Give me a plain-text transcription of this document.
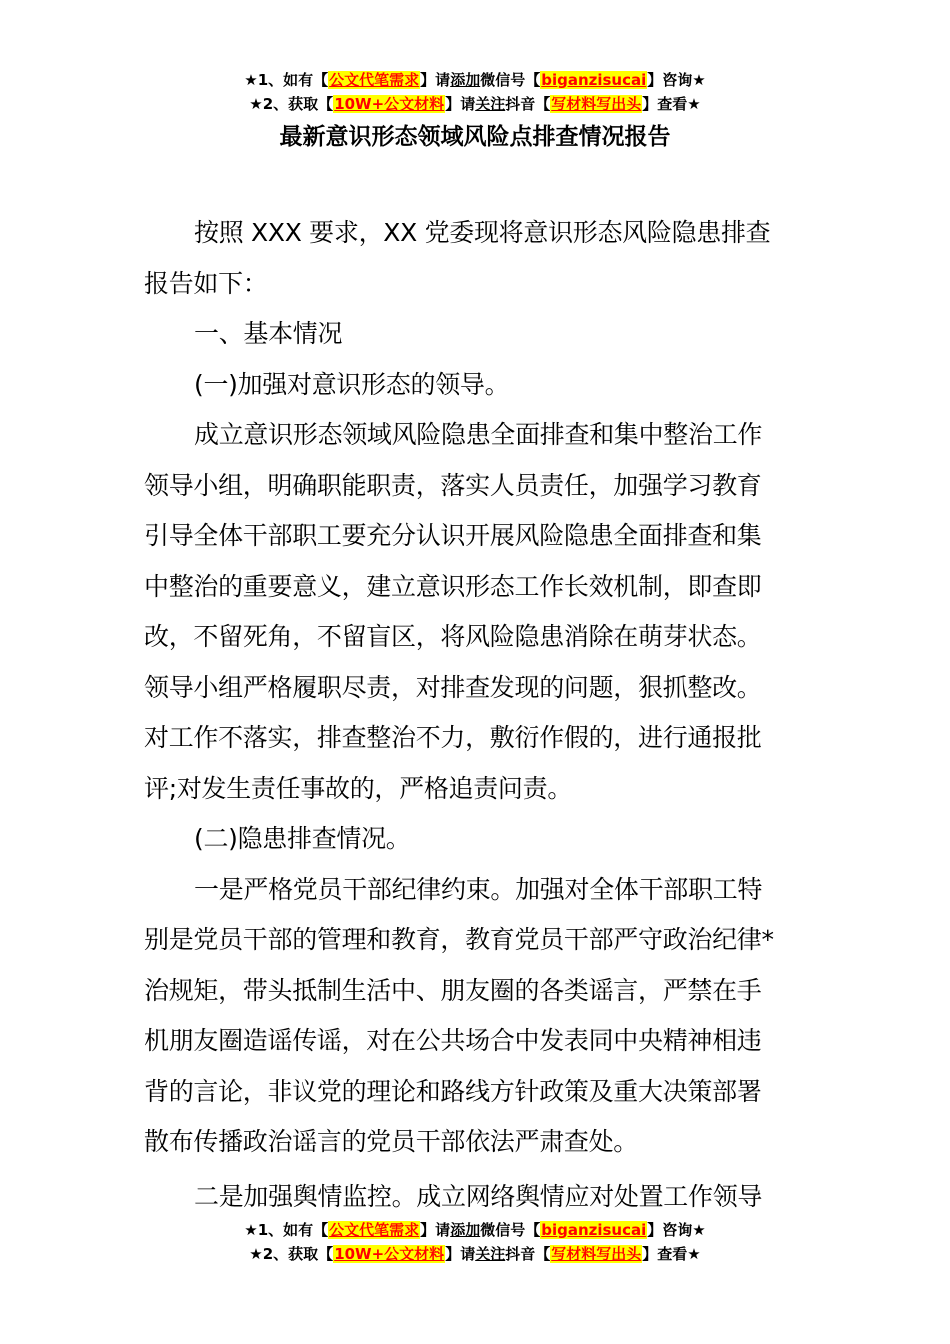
★1、如有【公文代笔需求】请添加微信号【biganzisucai】咨询★
★2、获取【10W+公文材料】请关注抖音【写材料写出头】查看★
最新意识形态领域风险点排查情况报告

按照 XXX 要求，XX 党委现将意识形态风险隐患排查
报告如下：

一、基本情况

(一)加强对意识形态的领导。

成立意识形态领域风险隐患全面排查和集中整治工作
领导小组，明确职能职责，落实人员责任，加强学习教育
引导全体干部职工要充分认识开展风险隐患全面排查和集
中整治的重要意义，建立意识形态工作长效机制，即查即
改，不留死角，不留盲区，将风险隐患消除在萌芽状态。
领导小组严格履职尽责，对排查发现的问题，狠抓整改。
对工作不落实，排查整治不力，敷衍作假的，进行通报批
评;对发生责任事故的，严格追责问责。

(二)隐患排查情况。

一是严格党员干部纪律约束。加强对全体干部职工特
别是党员干部的管理和教育，教育党员干部严守政治纪律*
治规矩，带头抵制生活中、朋友圈的各类谣言，严禁在手
机朋友圈造谣传谣，对在公共场合中发表同中央精神相违
背的言论，非议党的理论和路线方针政策及重大决策部署
散布传播政治谣言的党员干部依法严肃查处。

二是加强舆情监控。成立网络舆情应对处置工作领导

★1、如有【公文代笔需求】请添加微信号【biganzisucai】咨询★
★2、获取【10W+公文材料】请关注抖音【写材料写出头】查看★
